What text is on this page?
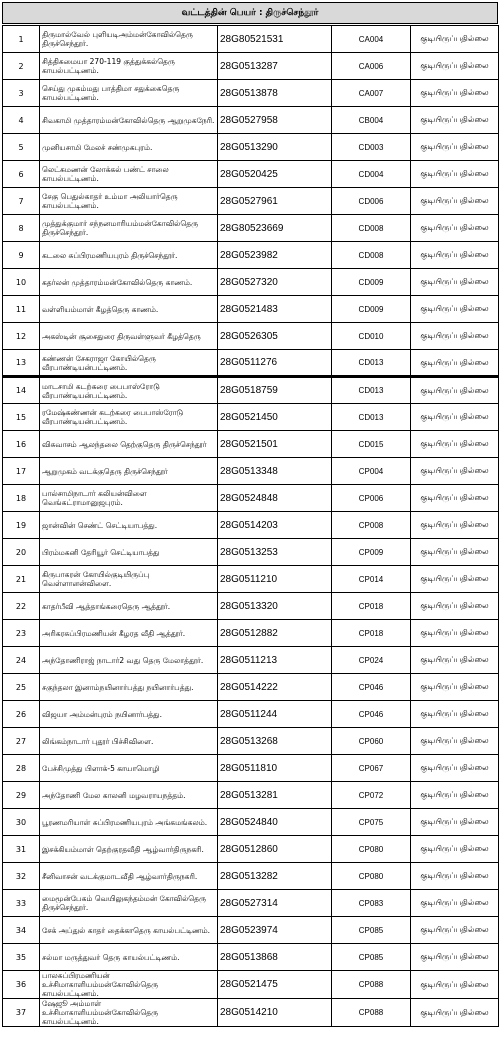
வட்டத்தின் பெயர் : திருச்செந்தூர்
1	திருமால்வேல் புளியடிஅம்மன்கோவில்தெரு திருச்செந்தூர்.	28G80521531	CA004	குடியிருப்பதில்லை
2	சித்திசுமையா 270-119 குத்துக்கல்தெரு காயல்பட்டிணம்.	28G0513287	CA006	குடியிருப்பதில்லை
3	செய்து முகம்மது பாத்திமா சதுக்கைதெரு காயல்பட்டிணம்.	28G0513878	CA007	குடியிருப்பதில்லை
4	சிவகாமி முத்தாரம்மன்கோவில்தெரு ஆறுமுகநேரி.	28G0527958	CB004	குடியிருப்பதில்லை
5	முனியசாமி மேலச் சண்முகபுரம்.	28G0513290	CD003	குடியிருப்பதில்லை
6	லெட்சுமணன் லோக்கல் பண்ட் சாலை காயல்பட்டிணம்.	28G0520425	CD004	குடியிருப்பதில்லை
7	சேகு பெதுல்காதர் உம்மா அலியார்தெரு காயல்பட்டிணம்.	28G0527961	CD006	குடியிருப்பதில்லை
8	முத்துக்குமார் சந்நனமாரியம்மன்கோவில்தெரு திருச்செந்தூர்.	28G80523669	CD008	குடியிருப்பதில்லை
9	கடலை சுப்பிரமணியபுரம் திருச்செந்தூர்.	28G0523982	CD008	குடியிருப்பதில்லை
10	கதர்லன் முத்தாரம்மன்கோவில்தெரு காணம்.	28G0527320	CD009	குடியிருப்பதில்லை
11	வள்ளியம்மாள் கீழத்தெரு காணம்.	28G0521483	CD009	குடியிருப்பதில்லை
12	அகஸ்டின் சூசைதுரை திருவள்ளுவர் கீழத்தெரு	28G0526305	CD010	குடியிருப்பதில்லை
13	கண்ணன் சேகராஜா கோயில்தெரு வீரபாண்டியன்பட்டிணம்.	28G0511276	CD013	குடியிருப்பதில்லை
14	மாடசாமி கடற்கரை பைபாஸ்ரோடு வீரபாண்டியன்பட்டிணம்.	28G0518759	CD013	குடியிருப்பதில்லை
15	ரமேஷ்கண்ணன் கடற்கரை பைபாஸ்ரோடு வீரபாண்டியன்பட்டிணம்.	28G0521450	CD013	குடியிருப்பதில்லை
16	விசுவாசம் ஆலந்தலை தெற்குதெரு திருச்செந்தூர்	28G0521501	CD015	குடியிருப்பதில்லை
17	ஆறுமுகம் வடக்குதெரு திருச்செந்தூர்	28G0513348	CP004	குடியிருப்பதில்லை
18	பால்சாமிநாடார் கலியன்விளை வெங்கட்ராமானுஜபுரம்.	28G0524848	CP006	குடியிருப்பதில்லை
19	ஜான்வின் செண்ட் செட்டியாபத்து.	28G0514203	CP008	குடியிருப்பதில்லை
20	பிரம்மகனி தேரியூர் செட்டியாபத்து	28G0513253	CP009	குடியிருப்பதில்லை
21	கிருபாகரன் கோயில்குடியிருப்பு வெள்ளாளன்விளை.	28G0511210	CP014	குடியிருப்பதில்லை
22	காதர்பீவி ஆத்தாங்கரைதெரு ஆத்தூர்.	28G0513320	CP018	குடியிருப்பதில்லை
23	அரிகரசுப்பிரமணியன் கீழரத வீதி ஆத்தூர்.	28G0512882	CP018	குடியிருப்பதில்லை
24	அந்தோணிராஜ் நாடார்2 வது தெரு மேலாத்தூர்.	28G0511213	CP024	குடியிருப்பதில்லை
25	சகுந்தலா இனாம்நயினார்பத்து நயினார்பத்து.	28G0514222	CP046	குடியிருப்பதில்லை
26	விஜயா அம்மன்புரம் நயினார்பத்து.	28G0511244	CP046	குடியிருப்பதில்லை
27	லிங்கம்நாடார் புதூர் பிச்சிவிளை.	28G0513268	CP060	குடியிருப்பதில்லை
28	பேச்சிமுத்து பிளாக்-5 காயாமொழி	28G0511810	CP067	குடியிருப்பதில்லை
29	அந்தோணி மேல காலனி மழவராயநத்தம்.	28G0513281	CP072	குடியிருப்பதில்லை
30	பூரணமரியாள் சுப்பிரமணியபுரம் அங்கமங்கலம்.	28G0524840	CP075	குடியிருப்பதில்லை
31	இசக்கியம்மாள் தெற்குரதவீதி ஆழ்வார்திருநகரி.	28G0512860	CP080	குடியிருப்பதில்லை
32	சீனிவாசன் வடக்குமாடவீதி ஆழ்வார்திருநகரி.	28G0513282	CP080	குடியிருப்பதில்லை
33	மைமூன்பேகம் வெயிலுகந்தம்மன் கோவில்தெரு திருச்செந்தூர்.	28G0527314	CP083	குடியிருப்பதில்லை
34	சேக் அப்துல் காதர் தைக்காதெரு காயல்பட்டிணம்.	28G0523974	CP085	குடியிருப்பதில்லை
35	சல்மா மருத்துவர் தெரு காயல்பட்டிணம்.	28G0513868	CP085	குடியிருப்பதில்லை
36	பாலசுப்பிரமணியன் உச்சிமாகாளியம்மன்கோவில்தெரு காயல்பட்டிணம்.	28G0521475	CP088	குடியிருப்பதில்லை
37	ஷேஜூ அம்மாள் உச்சிமாகாளியம்மன்கோவில்தெரு காயல்பட்டிணம்.	28G0514210	CP088	குடியிருப்பதில்லை
